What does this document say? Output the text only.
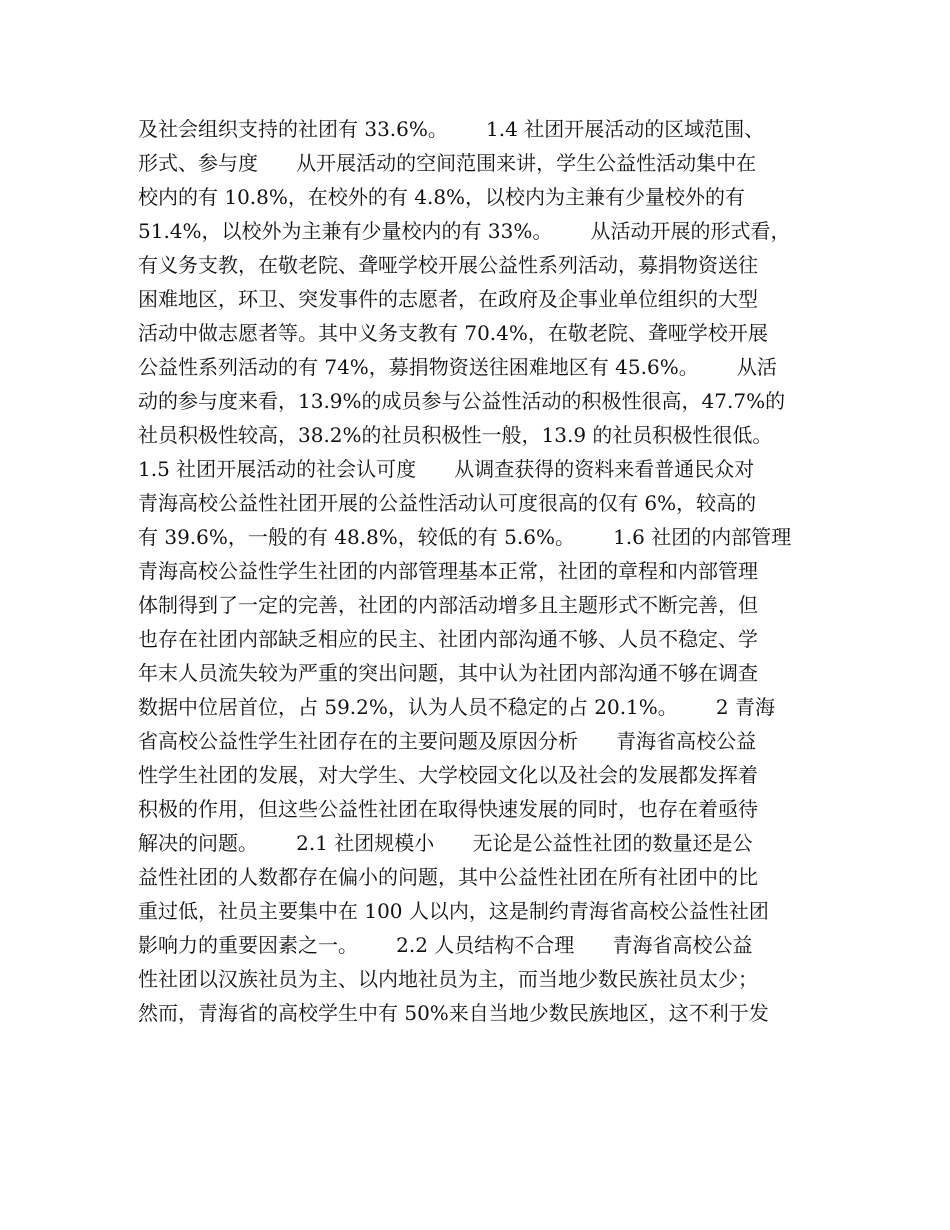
及社会组织支持的社团有 33.6%。      1.4 社团开展活动的区域范围、
形式、参与度      从开展活动的空间范围来讲，学生公益性活动集中在
校内的有 10.8%，在校外的有 4.8%，以校内为主兼有少量校外的有
51.4%，以校外为主兼有少量校内的有 33%。      从活动开展的形式看，
有义务支教，在敬老院、聋哑学校开展公益性系列活动，募捐物资送往
困难地区，环卫、突发事件的志愿者，在政府及企事业单位组织的大型
活动中做志愿者等。其中义务支教有 70.4%，在敬老院、聋哑学校开展
公益性系列活动的有 74%，募捐物资送往困难地区有 45.6%。      从活
动的参与度来看，13.9%的成员参与公益性活动的积极性很高，47.7%的
社员积极性较高，38.2%的社员积极性一般，13.9 的社员积极性很低。
1.5 社团开展活动的社会认可度      从调查获得的资料来看普通民众对
青海高校公益性社团开展的公益性活动认可度很高的仅有 6%，较高的
有 39.6%，一般的有 48.8%，较低的有 5.6%。      1.6 社团的内部管理
青海高校公益性学生社团的内部管理基本正常，社团的章程和内部管理
体制得到了一定的完善，社团的内部活动增多且主题形式不断完善，但
也存在社团内部缺乏相应的民主、社团内部沟通不够、人员不稳定、学
年末人员流失较为严重的突出问题，其中认为社团内部沟通不够在调查
数据中位居首位，占 59.2%，认为人员不稳定的占 20.1%。      2 青海
省高校公益性学生社团存在的主要问题及原因分析      青海省高校公益
性学生社团的发展，对大学生、大学校园文化以及社会的发展都发挥着
积极的作用，但这些公益性社团在取得快速发展的同时，也存在着亟待
解决的问题。      2.1 社团规模小      无论是公益性社团的数量还是公
益性社团的人数都存在偏小的问题，其中公益性社团在所有社团中的比
重过低，社员主要集中在 100 人以内，这是制约青海省高校公益性社团
影响力的重要因素之一。      2.2 人员结构不合理      青海省高校公益
性社团以汉族社员为主、以内地社员为主，而当地少数民族社员太少；
然而，青海省的高校学生中有 50%来自当地少数民族地区，这不利于发
